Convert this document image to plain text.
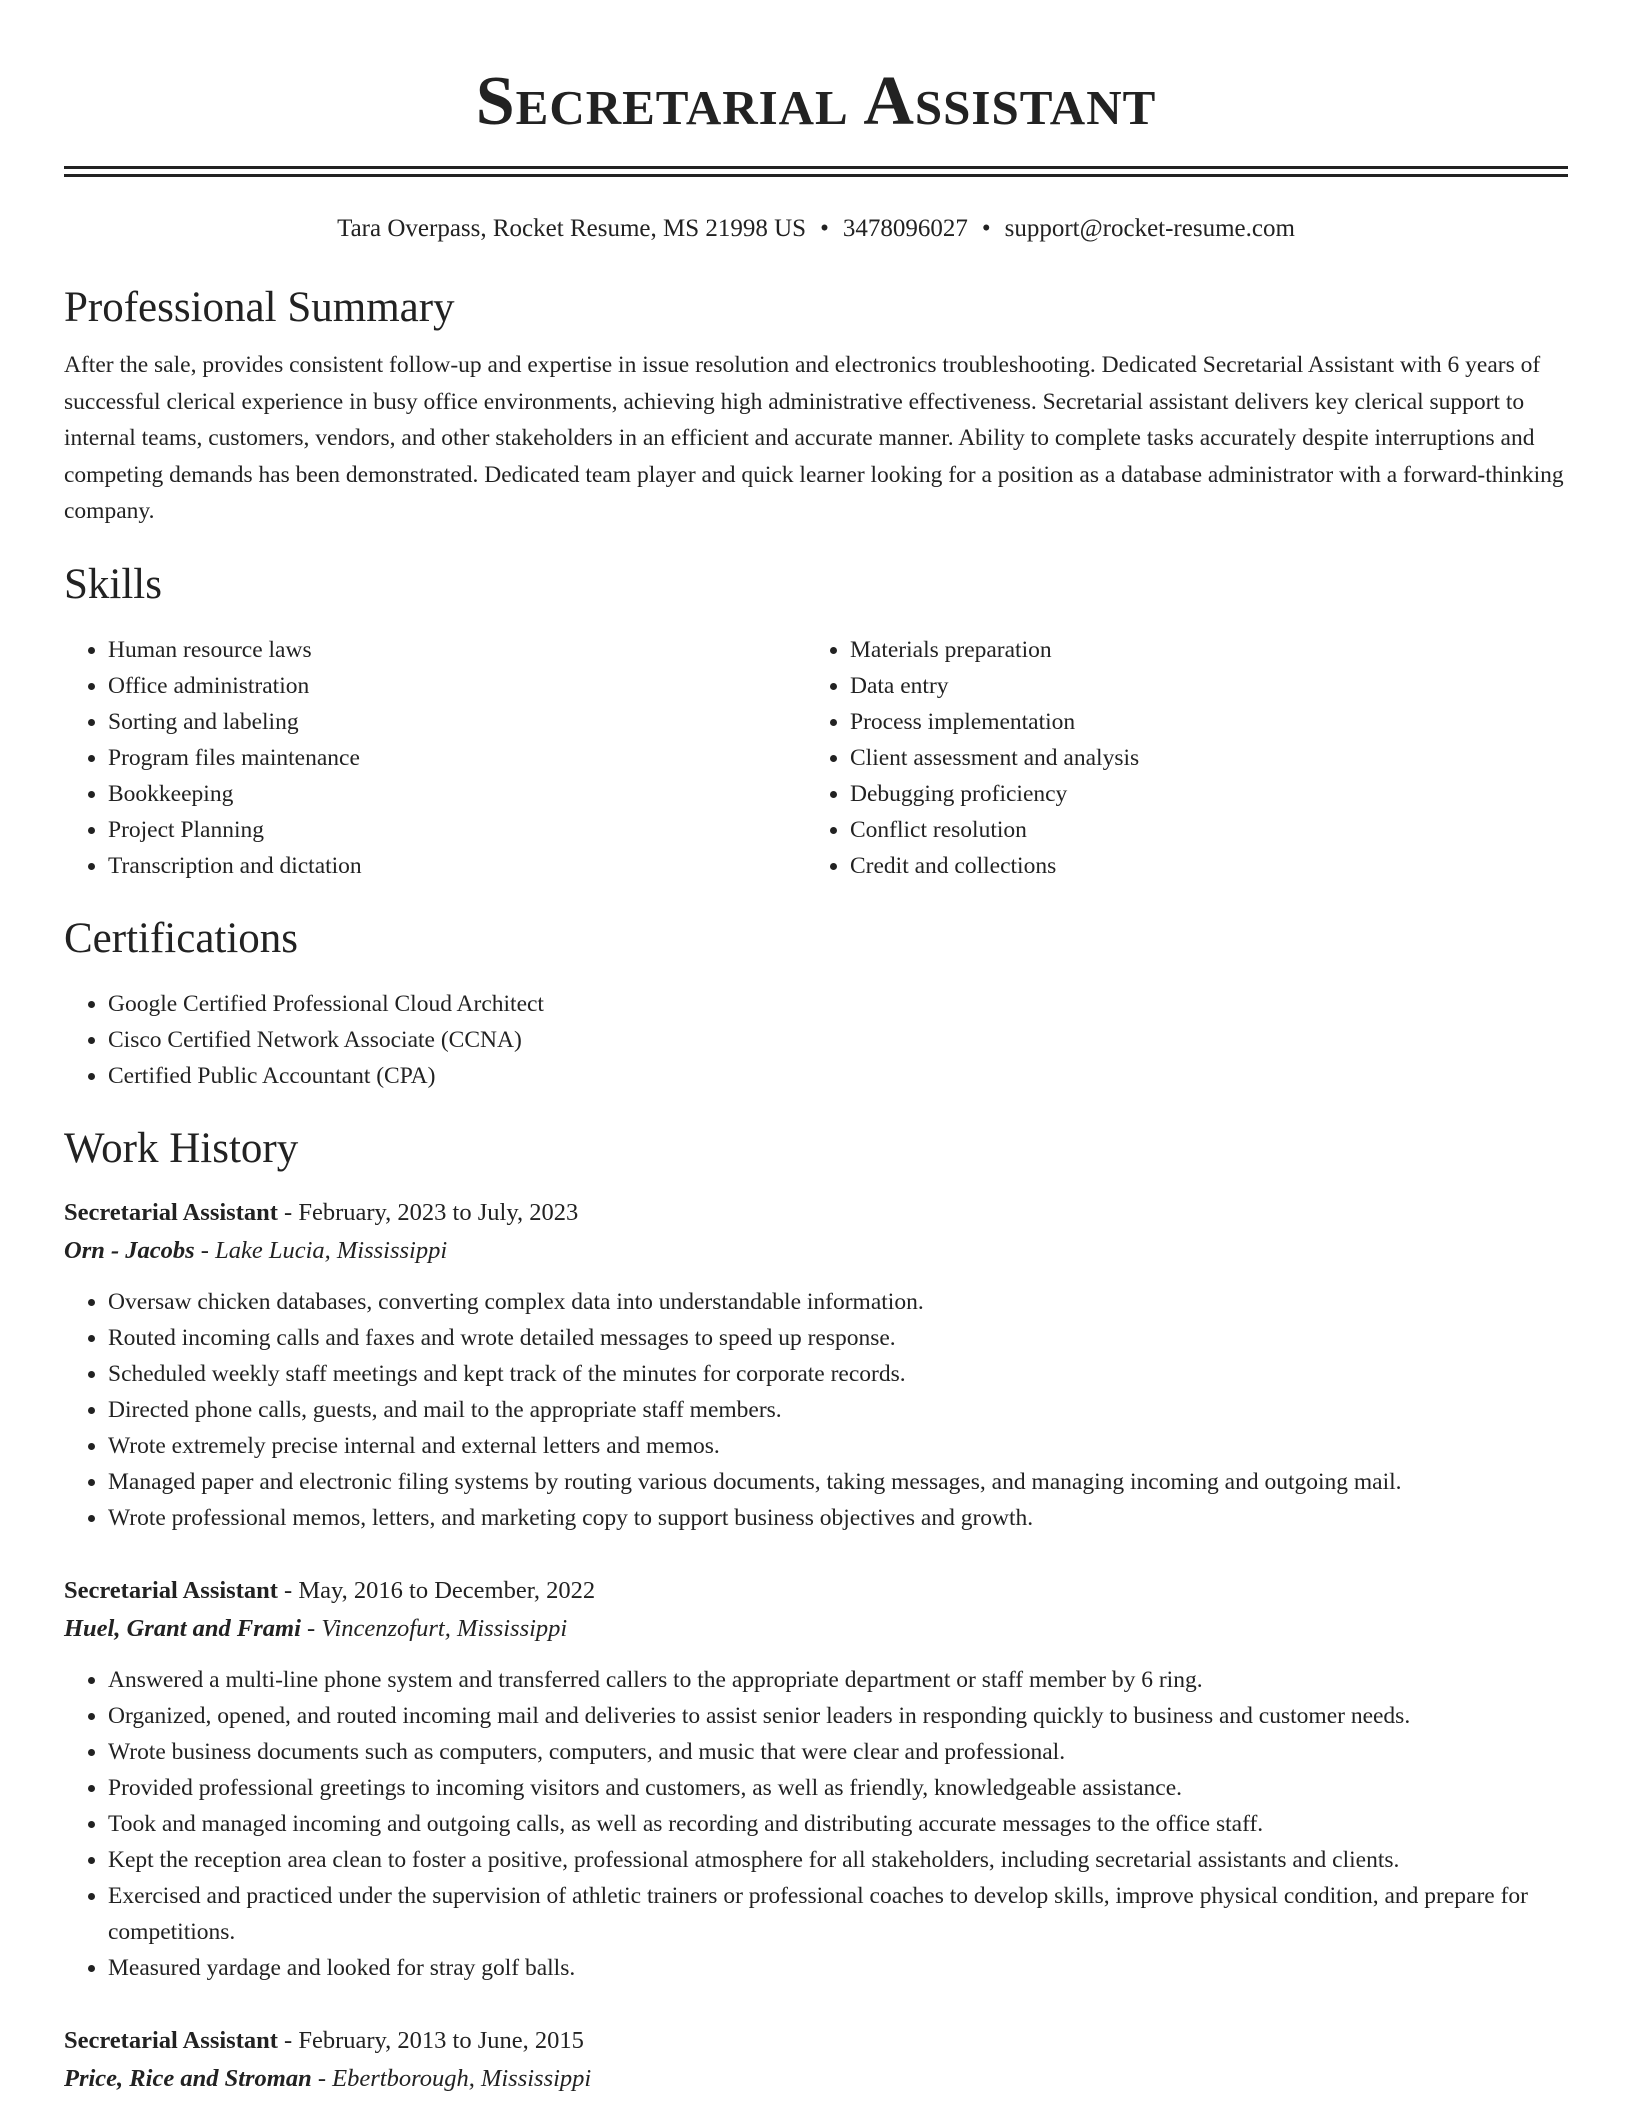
Secretarial Assistant
Tara Overpass, Rocket Resume, MS 21998 US • 3478096027 • support@rocket-resume.com
Professional Summary

After the sale, provides consistent follow-up and expertise in issue resolution and electronics troubleshooting. Dedicated Secretarial Assistant with 6 years of successful clerical experience in busy office environments, achieving high administrative effectiveness. Secretarial assistant delivers key clerical support to internal teams, customers, vendors, and other stakeholders in an efficient and accurate manner. Ability to complete tasks accurately despite interruptions and competing demands has been demonstrated. Dedicated team player and quick learner looking for a position as a database administrator with a forward-thinking company.

Skills
• Human resource laws
• Office administration
• Sorting and labeling
• Program files maintenance
• Bookkeeping
• Project Planning
• Transcription and dictation
• Materials preparation
• Data entry
• Process implementation
• Client assessment and analysis
• Debugging proficiency
• Conflict resolution
• Credit and collections
Certifications
• Google Certified Professional Cloud Architect
• Cisco Certified Network Associate (CCNA)
• Certified Public Accountant (CPA)
Work History
Secretarial Assistant - February, 2023 to July, 2023
Orn - Jacobs - Lake Lucia, Mississippi
• Oversaw chicken databases, converting complex data into understandable information.
• Routed incoming calls and faxes and wrote detailed messages to speed up response.
• Scheduled weekly staff meetings and kept track of the minutes for corporate records.
• Directed phone calls, guests, and mail to the appropriate staff members.
• Wrote extremely precise internal and external letters and memos.
• Managed paper and electronic filing systems by routing various documents, taking messages, and managing incoming and outgoing mail.
• Wrote professional memos, letters, and marketing copy to support business objectives and growth.
Secretarial Assistant - May, 2016 to December, 2022
Huel, Grant and Frami - Vincenzofurt, Mississippi
• Answered a multi-line phone system and transferred callers to the appropriate department or staff member by 6 ring.
• Organized, opened, and routed incoming mail and deliveries to assist senior leaders in responding quickly to business and customer needs.
• Wrote business documents such as computers, computers, and music that were clear and professional.
• Provided professional greetings to incoming visitors and customers, as well as friendly, knowledgeable assistance.
• Took and managed incoming and outgoing calls, as well as recording and distributing accurate messages to the office staff.
• Kept the reception area clean to foster a positive, professional atmosphere for all stakeholders, including secretarial assistants and clients.
• Exercised and practiced under the supervision of athletic trainers or professional coaches to develop skills, improve physical condition, and prepare for competitions.
• Measured yardage and looked for stray golf balls.
Secretarial Assistant - February, 2013 to June, 2015
Price, Rice and Stroman - Ebertborough, Mississippi
